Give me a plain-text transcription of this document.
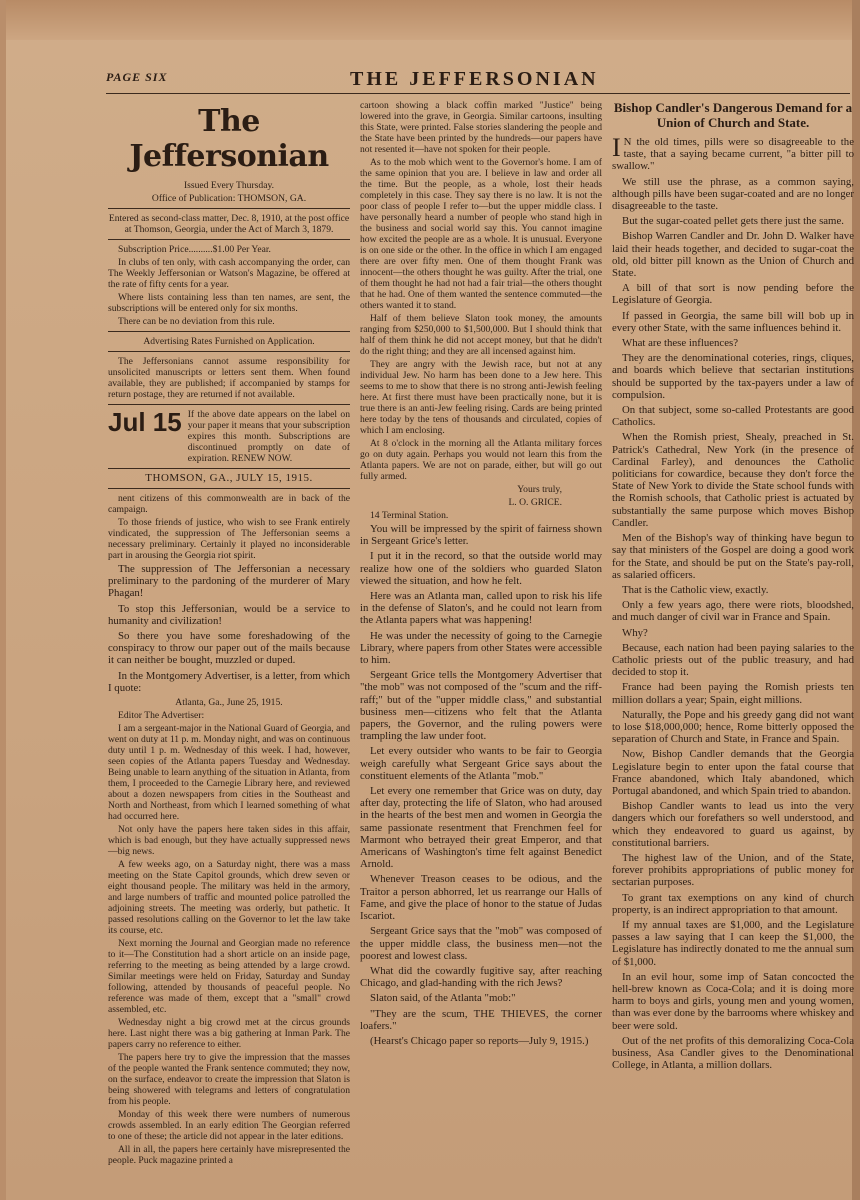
PAGE SIX	THE JEFFERSONIAN
The Jeffersonian

Issued Every Thursday.

Office of Publication: THOMSON, GA.

Entered as second-class matter, Dec. 8, 1910, at the post office at Thomson, Georgia, under the Act of March 3, 1879.

Subscription Price..........$1.00 Per Year.

In clubs of ten only, with cash accompanying the order, can The Weekly Jeffersonian or Watson's Magazine, be offered at the rate of fifty cents for a year.

Where lists containing less than ten names, are sent, the subscriptions will be entered only for six months.

There can be no deviation from this rule.

Advertising Rates Furnished on Application.

The Jeffersonians cannot assume responsibility for unsolicited manuscripts or letters sent them. When found available, they are published; if accompanied by stamps for return postage, they are returned if not available.

Jul 15 If the above date appears on the label on your paper it means that your subscription expires this month. Subscriptions are discontinued promptly on date of expiration. RENEW NOW.
THOMSON, GA., JULY 15, 1915.

nent citizens of this commonwealth are in back of the campaign.

To those friends of justice, who wish to see Frank entirely vindicated, the suppression of The Jeffersonian seems a necessary preliminary. Certainly it played no inconsiderable part in arousing the Georgia riot spirit.

The suppression of The Jeffersonian a necessary preliminary to the pardoning of the murderer of Mary Phagan!

To stop this Jeffersonian, would be a service to humanity and civilization!

So there you have some foreshadowing of the conspiracy to throw our paper out of the mails because it can neither be bought, muzzled or duped.

In the Montgomery Advertiser, is a letter, from which I quote:

Atlanta, Ga., June 25, 1915.

Editor The Advertiser:

I am a sergeant-major in the National Guard of Georgia, and went on duty at 11 p. m. Monday night, and was on continuous duty until 1 p. m. Wednesday of this week. I had, however, seen copies of the Atlanta papers Tuesday and Wednesday. Being unable to learn anything of the situation in Atlanta, from them, I proceeded to the Carnegie Library here, and reviewed about a dozen newspapers from cities in the Southeast and North and Northeast, from which I learned something of what had occurred here.

Not only have the papers here taken sides in this affair, which is bad enough, but they have actually suppressed news—big news.

A few weeks ago, on a Saturday night, there was a mass meeting on the State Capitol grounds, which drew seven or eight thousand people. The military was held in the armory, and large numbers of traffic and mounted police patrolled the adjoining streets. The meeting was orderly, but pathetic. It passed resolutions calling on the Governor to let the law take its course, etc.

Next morning the Journal and Georgian made no reference to it—The Constitution had a short article on an inside page, referring to the meeting as being attended by a large crowd. Similar meetings were held on Friday, Saturday and Sunday following, attended by thousands of peaceful people. No reference was made of them, except that a "small" crowd assembled, etc.

Wednesday night a big crowd met at the circus grounds here. Last night there was a big gathering at Inman Park. The papers carry no reference to either.

The papers here try to give the impression that the masses of the people wanted the Frank sentence commuted; they now, on the surface, endeavor to create the impression that Slaton is being showered with telegrams and letters of congratulation from his people.

Monday of this week there were numbers of numerous crowds assembled. In an early edition The Georgian referred to one of these; the article did not appear in the later editions.

All in all, the papers here certainly have misrepresented the people. Puck magazine printed a

cartoon showing a black coffin marked "Justice" being lowered into the grave, in Georgia. Similar cartoons, insulting this State, were printed. False stories slandering the people and the State have been printed by the hundreds—our papers have not resented it—have not spoken for their people.

As to the mob which went to the Governor's home. I am of the same opinion that you are. I believe in law and order all the time. But the people, as a whole, lost their heads completely in this case. They say there is no law. It is not the poor class of people I refer to—but the upper middle class. I have personally heard a number of people who stand high in the business and social world say this. You cannot imagine how excited the people are as a whole. It is unusual. Everyone is on one side or the other. In the office in which I am engaged there are over fifty men. One of them thought Frank was innocent—the others thought he was guilty. After the trial, one of them thought he had not had a fair trial—the others thought that he had. One of them wanted the sentence commuted—the others wanted it to stand.

Half of them believe Slaton took money, the amounts ranging from $250,000 to $1,500,000. But I should think that half of them think he did not accept money, but that he didn't do the right thing; and they are all incensed against him.

They are angry with the Jewish race, but not at any individual Jew. No harm has been done to a Jew here. This seems to me to show that there is no strong anti-Jewish feeling here. At first there must have been practically none, but it is true there is an anti-Jew feeling rising. Cards are being printed here today by the tens of thousands and circulated, copies of which I am enclosing.

At 8 o'clock in the morning all the Atlanta military forces go on duty again. Perhaps you would not learn this from the Atlanta papers. We are not on parade, either, but will go out fully armed.

Yours truly,

L. O. GRICE.

14 Terminal Station.

You will be impressed by the spirit of fairness shown in Sergeant Grice's letter.

I put it in the record, so that the outside world may realize how one of the soldiers who guarded Slaton viewed the situation, and how he felt.

Here was an Atlanta man, called upon to risk his life in the defense of Slaton's, and he could not learn from the Atlanta papers what was happening!

He was under the necessity of going to the Carnegie Library, where papers from other States were accessible to him.

Sergeant Grice tells the Montgomery Advertiser that "the mob" was not composed of the "scum and the riff-raff;" but of the "upper middle class," and substantial business men—citizens who felt that the Atlanta papers, the Governor, and the ruling powers were trampling the law under foot.

Let every outsider who wants to be fair to Georgia weigh carefully what Sergeant Grice says about the constituent elements of the Atlanta "mob."

Let every one remember that Grice was on duty, day after day, protecting the life of Slaton, who had aroused in the hearts of the best men and women in Georgia the same passionate resentment that Frenchmen feel for Marmont who betrayed their great Emperor, and that Americans of Washington's time felt against Benedict Arnold.

Whenever Treason ceases to be odious, and the Traitor a person abhorred, let us rearrange our Halls of Fame, and give the place of honor to the statue of Judas Iscariot.

Sergeant Grice says that the "mob" was composed of the upper middle class, the business men—not the poorest and lowest class.

What did the cowardly fugitive say, after reaching Chicago, and glad-handing with the rich Jews?

Slaton said, of the Atlanta "mob:"

"They are the scum, THE THIEVES, the corner loafers."

(Hearst's Chicago paper so reports—July 9, 1915.)

Bishop Candler's Dangerous Demand for a Union of Church and State.

I N the old times, pills were so disagreeable to the taste, that a saying became current, "a bitter pill to swallow."

We still use the phrase, as a common saying, although pills have been sugar-coated and are no longer disagreeable to the taste.

But the sugar-coated pellet gets there just the same.

Bishop Warren Candler and Dr. John D. Walker have laid their heads together, and decided to sugar-coat the old, old bitter pill known as the Union of Church and State.

A bill of that sort is now pending before the Legislature of Georgia.

If passed in Georgia, the same bill will bob up in every other State, with the same influences behind it.

What are these influences?

They are the denominational coteries, rings, cliques, and boards which believe that sectarian institutions should be supported by the tax-payers under a law of compulsion.

On that subject, some so-called Protestants are good Catholics.

When the Romish priest, Shealy, preached in St. Patrick's Cathedral, New York (in the presence of Cardinal Farley), and denounces the Catholic politicians for cowardice, because they don't force the State of New York to divide the State school funds with the Romish schools, that Catholic priest is actuated by substantially the same purpose which moves Bishop Candler.

Men of the Bishop's way of thinking have begun to say that ministers of the Gospel are doing a good work for the State, and should be put on the State's pay-roll, as salaried officers.

That is the Catholic view, exactly.

Only a few years ago, there were riots, bloodshed, and much danger of civil war in France and Spain.

Why?

Because, each nation had been paying salaries to the Catholic priests out of the public treasury, and had decided to stop it.

France had been paying the Romish priests ten million dollars a year; Spain, eight millions.

Naturally, the Pope and his greedy gang did not want to lose $18,000,000; hence, Rome bitterly opposed the separation of Church and State, in France and Spain.

Now, Bishop Candler demands that the Georgia Legislature begin to enter upon the fatal course that France abandoned, which Italy abandoned, which Portugal abandoned, and which Spain tried to abandon.

Bishop Candler wants to lead us into the very dangers which our forefathers so well understood, and which they endeavored to guard us against, by constitutional barriers.

The highest law of the Union, and of the State, forever prohibits appropriations of public money for sectarian purposes.

To grant tax exemptions on any kind of church property, is an indirect appropriation to that amount.

If my annual taxes are $1,000, and the Legislature passes a law saying that I can keep the $1,000, the Legislature has indirectly donated to me the annual sum of $1,000.

In an evil hour, some imp of Satan concocted the hell-brew known as Coca-Cola; and it is doing more harm to boys and girls, young men and young women, than was ever done by the barrooms where whiskey and beer were sold.

Out of the net profits of this demoralizing Coca-Cola business, Asa Candler gives to the Denominational College, in Atlanta, a million dollars.
